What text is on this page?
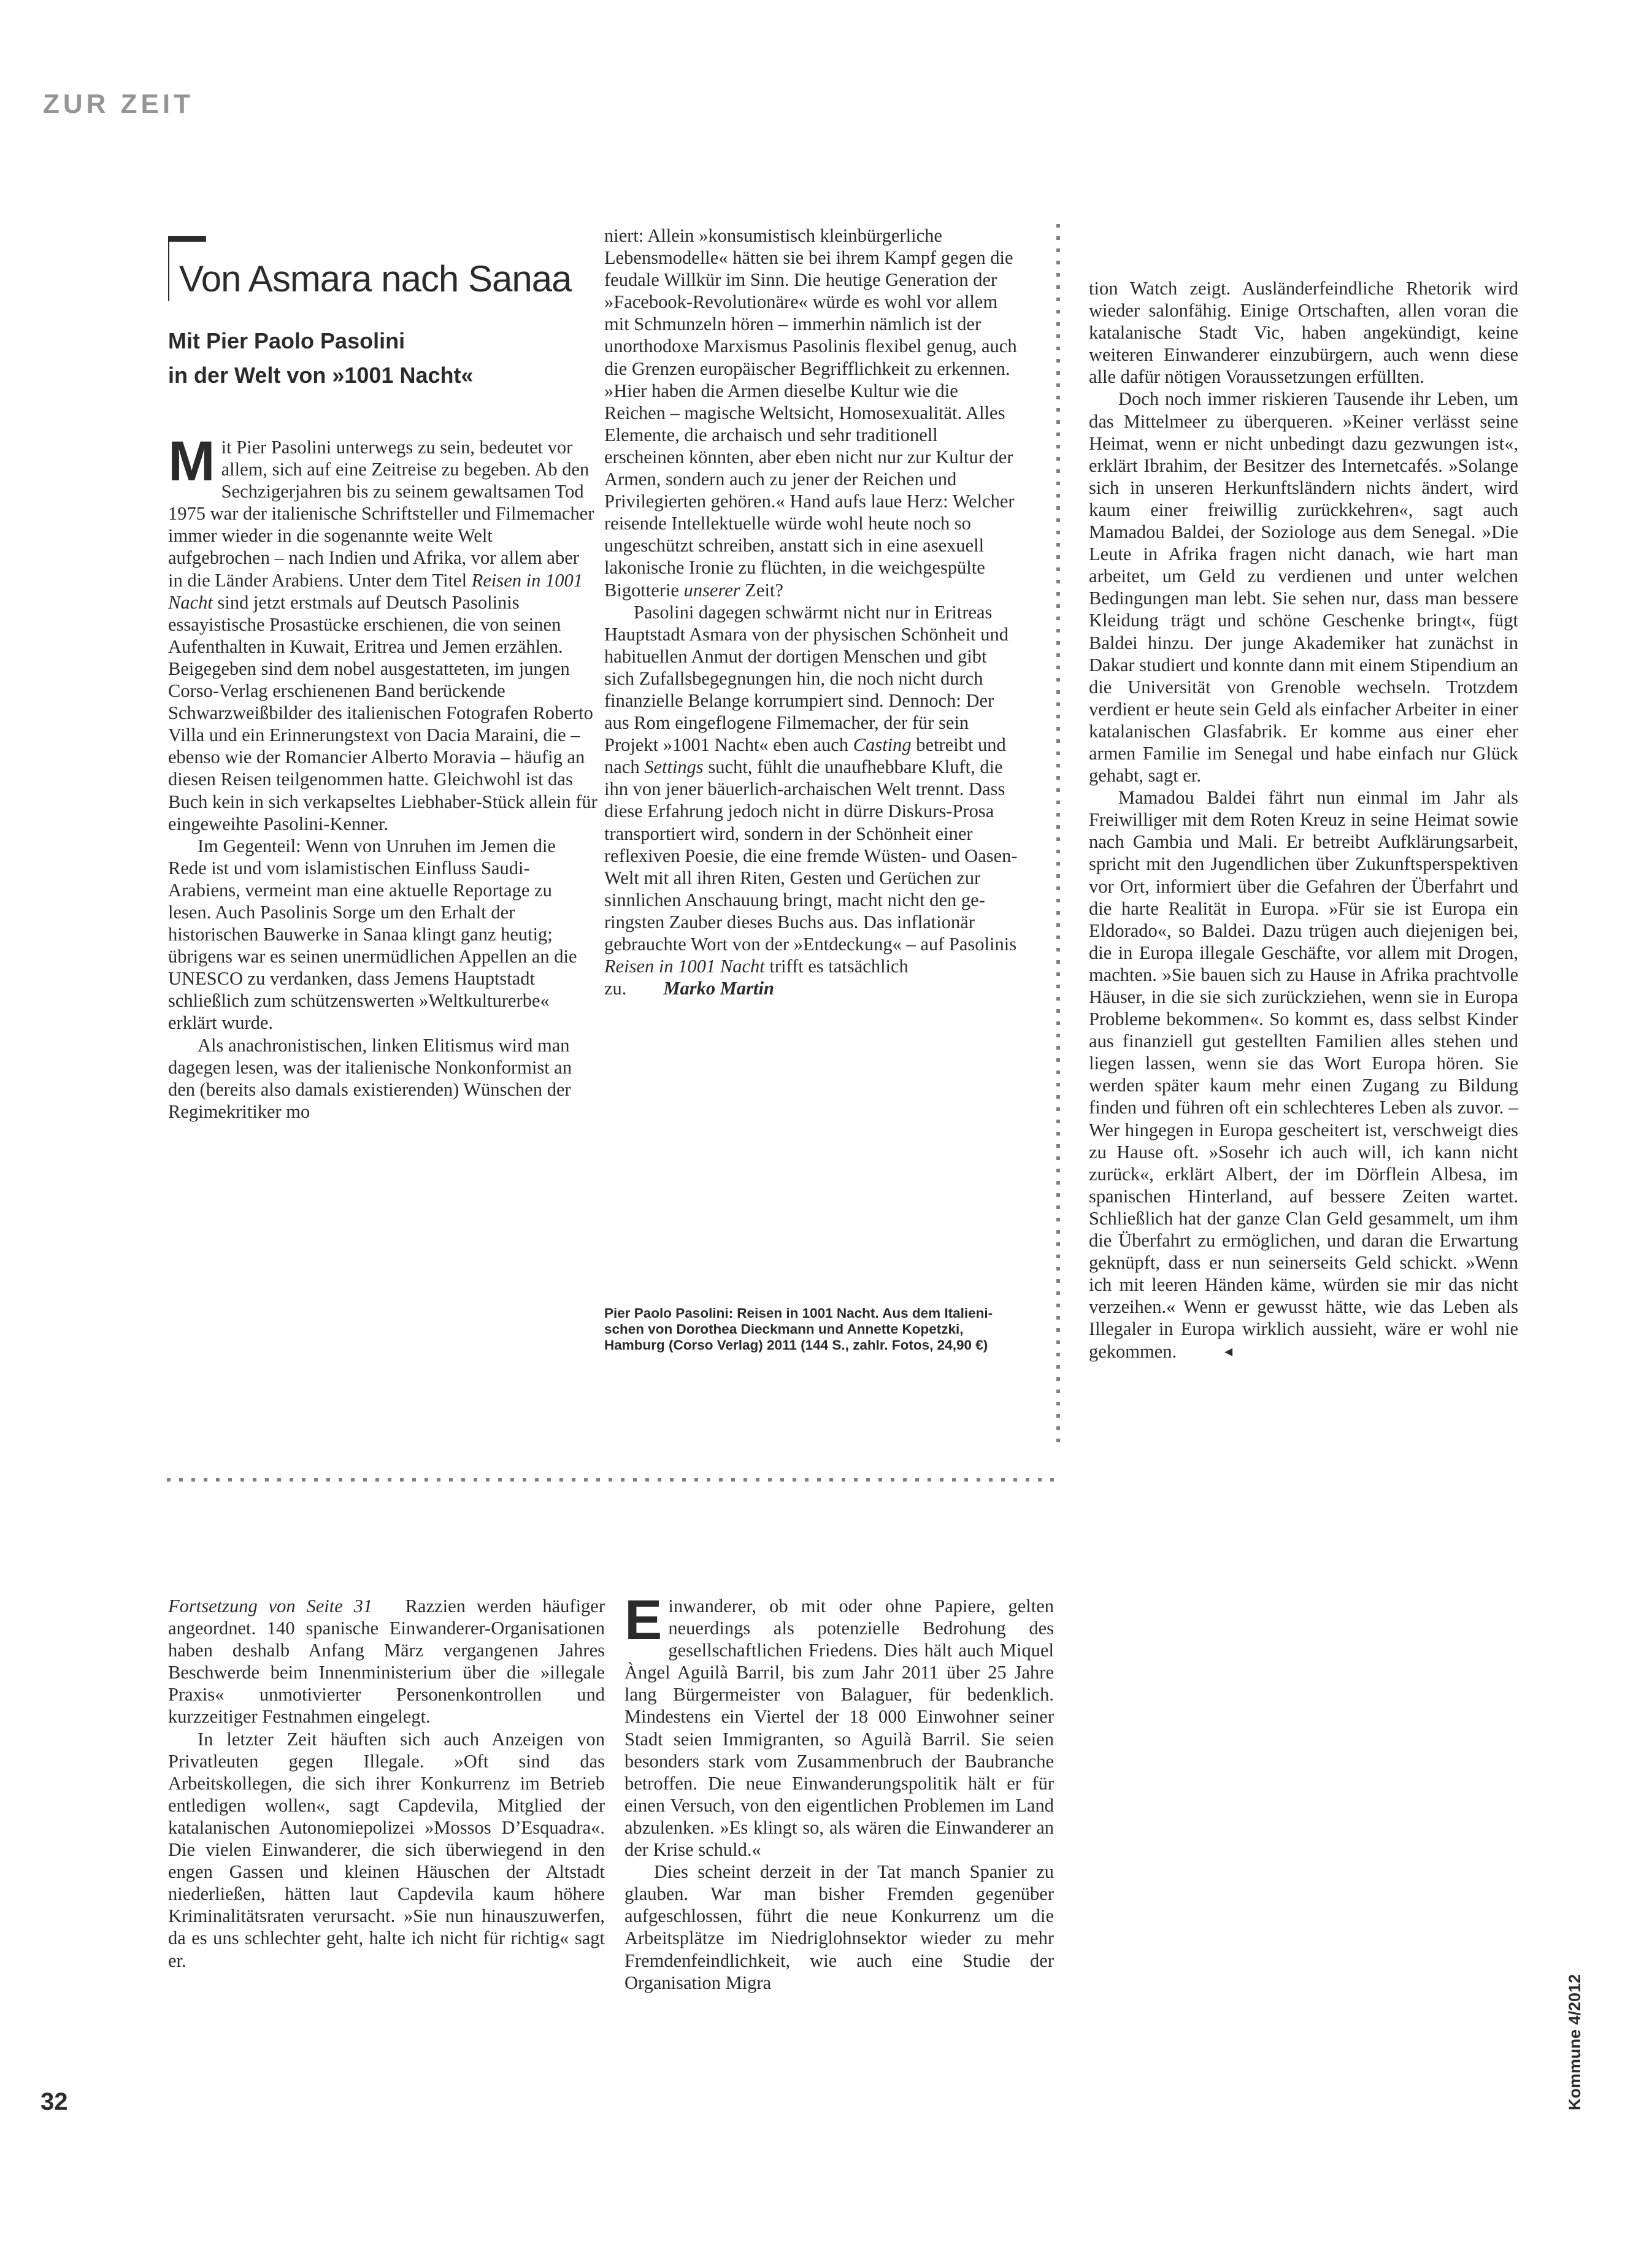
ZUR ZEIT
Von Asmara nach Sanaa
Mit Pier Paolo Pasolini
in der Welt von »1001 Nacht«

Mit Pier Pasolini unterwegs zu sein, bedeutet vor allem, sich auf eine Zeitreise zu begeben. Ab den Sechzigerjahren bis zu seinem gewaltsamen Tod 1975 war der italienische Schriftsteller und Filmemacher immer wieder in die sogenannte weite Welt aufgebrochen – nach Indien und Afrika, vor allem aber in die Länder Arabiens. Unter dem Titel Reisen in 1001 Nacht sind jetzt erstmals auf Deutsch Pasolinis essayistische Prosastücke erschienen, die von seinen Aufenthalten in Kuwait, Eritrea und Jemen erzählen. Beigegeben sind dem nobel ausgestatteten, im jungen Corso-Verlag erschienenen Band berückende Schwarzweißbilder des italienischen Fotografen Roberto Villa und ein Erinnerungstext von Dacia Maraini, die – ebenso wie der Romancier Alberto Moravia – häufig an diesen Reisen teilgenommen hatte. Gleichwohl ist das Buch kein in sich verkapseltes Liebhaber-Stück allein für eingeweihte Pasolini-Kenner.

Im Gegenteil: Wenn von Unruhen im Jemen die Rede ist und vom islamistischen Einfluss Saudi-Arabiens, vermeint man eine aktuelle Reportage zu lesen. Auch Pasolinis Sorge um den Erhalt der historischen Bauwerke in Sanaa klingt ganz heutig; übrigens war es seinen unermüdlichen Appellen an die UNESCO zu verdanken, dass Jemens Hauptstadt schließlich zum schützenswerten »Weltkulturerbe« erklärt wurde.

Als anachronistischen, linken Elitismus wird man dagegen lesen, was der italienische Nonkonformist an den (bereits also damals existierenden) Wünschen der Regimekritiker mo

niert: Allein »konsumistisch kleinbürgerliche Lebensmodelle« hätten sie bei ihrem Kampf gegen die feudale Willkür im Sinn. Die heutige Generation der »Facebook-Revolutionäre« würde es wohl vor allem mit Schmunzeln hören – immerhin nämlich ist der unorthodoxe Marxismus Pasolinis flexibel genug, auch die Grenzen europäischer Begrifflichkeit zu erkennen. »Hier haben die Armen dieselbe Kultur wie die Reichen – magische Weltsicht, Homosexualität. Alles Elemente, die archaisch und sehr traditionell erscheinen könnten, aber eben nicht nur zur Kultur der Armen, sondern auch zu jener der Reichen und Privilegierten gehören.« Hand aufs laue Herz: Welcher reisende Intellektuelle würde wohl heute noch so ungeschützt schreiben, anstatt sich in eine asexuell lakonische Ironie zu flüchten, in die weichgespülte Bigotterie unserer Zeit?

Pasolini dagegen schwärmt nicht nur in Eritreas Hauptstadt Asmara von der physischen Schönheit und habituellen Anmut der dortigen Menschen und gibt sich Zufallsbegegnungen hin, die noch nicht durch finanzielle Belange korrumpiert sind. Dennoch: Der aus Rom eingeflogene Filmemacher, der für sein Projekt »1001 Nacht« eben auch Casting betreibt und nach Settings sucht, fühlt die unaufhebbare Kluft, die ihn von jener bäuerlich-archaischen Welt trennt. Dass diese Erfahrung jedoch nicht in dürre Diskurs-Prosa transportiert wird, sondern in der Schönheit einer reflexiven Poesie, die eine fremde Wüsten- und Oasen-Welt mit all ihren Riten, Gesten und Gerüchen zur sinnlichen Anschauung bringt, macht nicht den geringsten Zauber dieses Buchs aus. Das inflationär gebrauchte Wort von der »Entdeckung« – auf Pasolinis Reisen in 1001 Nacht trifft es tatsächlich zu. Marko Martin

Pier Paolo Pasolini: Reisen in 1001 Nacht. Aus dem Italienischen von Dorothea Dieckmann und Annette Kopetzki, Hamburg (Corso Verlag) 2011 (144 S., zahlr. Fotos, 24,90 €)

tion Watch zeigt. Ausländerfeindliche Rhetorik wird wieder salonfähig. Einige Ortschaften, allen voran die katalanische Stadt Vic, haben angekündigt, keine weiteren Einwanderer einzubürgern, auch wenn diese alle dafür nötigen Voraussetzungen erfüllten.

Doch noch immer riskieren Tausende ihr Leben, um das Mittelmeer zu überqueren. »Keiner verlässt seine Heimat, wenn er nicht unbedingt dazu gezwungen ist«, erklärt Ibrahim, der Besitzer des Internetcafés. »Solange sich in unseren Herkunftsländern nichts ändert, wird kaum einer freiwillig zurückkehren«, sagt auch Mamadou Baldei, der Soziologe aus dem Senegal. »Die Leute in Afrika fragen nicht danach, wie hart man arbeitet, um Geld zu verdienen und unter welchen Bedingungen man lebt. Sie sehen nur, dass man bessere Kleidung trägt und schöne Geschenke bringt«, fügt Baldei hinzu. Der junge Akademiker hat zunächst in Dakar studiert und konnte dann mit einem Stipendium an die Universität von Grenoble wechseln. Trotzdem verdient er heute sein Geld als einfacher Arbeiter in einer katalanischen Glasfabrik. Er komme aus einer eher armen Familie im Senegal und habe einfach nur Glück gehabt, sagt er.

Mamadou Baldei fährt nun einmal im Jahr als Freiwilliger mit dem Roten Kreuz in seine Heimat sowie nach Gambia und Mali. Er betreibt Aufklärungsarbeit, spricht mit den Jugendlichen über Zukunftsperspektiven vor Ort, informiert über die Gefahren der Überfahrt und die harte Realität in Europa. »Für sie ist Europa ein Eldorado«, so Baldei. Dazu trügen auch diejenigen bei, die in Europa illegale Geschäfte, vor allem mit Drogen, machten. »Sie bauen sich zu Hause in Afrika prachtvolle Häuser, in die sie sich zurückziehen, wenn sie in Europa Probleme bekommen«. So kommt es, dass selbst Kinder aus finanziell gut gestellten Familien alles stehen und liegen lassen, wenn sie das Wort Europa hören. Sie werden später kaum mehr einen Zugang zu Bildung finden und führen oft ein schlechteres Leben als zuvor. – Wer hingegen in Europa gescheitert ist, verschweigt dies zu Hause oft. »Sosehr ich auch will, ich kann nicht zurück«, erklärt Albert, der im Dörflein Albesa, im spanischen Hinterland, auf bessere Zeiten wartet. Schließlich hat der ganze Clan Geld gesammelt, um ihm die Überfahrt zu ermöglichen, und daran die Erwartung geknüpft, dass er nun seinerseits Geld schickt. »Wenn ich mit leeren Händen käme, würden sie mir das nicht verzeihen.« Wenn er gewusst hätte, wie das Leben als Illegaler in Europa wirklich aussieht, wäre er wohl nie gekommen.	◂

Fortsetzung von Seite 31 Razzien werden häufiger angeordnet. 140 spanische Einwanderer-Organisationen haben deshalb Anfang März vergangenen Jahres Beschwerde beim Innenministerium über die »illegale Praxis« unmotivierter Personenkontrollen und kurzzeitiger Festnahmen eingelegt.

In letzter Zeit häuften sich auch Anzeigen von Privatleuten gegen Illegale. »Oft sind das Arbeitskollegen, die sich ihrer Konkurrenz im Betrieb entledigen wollen«, sagt Capdevila, Mitglied der katalanischen Autonomiepolizei »Mossos D’Esquadra«. Die vielen Einwanderer, die sich überwiegend in den engen Gassen und kleinen Häuschen der Altstadt niederließen, hätten laut Capdevila kaum höhere Kriminalitätsraten verursacht. »Sie nun hinauszuwerfen, da es uns schlechter geht, halte ich nicht für richtig« sagt er.

Einwanderer, ob mit oder ohne Papiere, gelten neuerdings als potenzielle Bedrohung des gesellschaftlichen Friedens. Dies hält auch Miquel Àngel Aguilà Barril, bis zum Jahr 2011 über 25 Jahre lang Bürgermeister von Balaguer, für bedenklich. Mindestens ein Viertel der 18 000 Einwohner seiner Stadt seien Immigranten, so Aguilà Barril. Sie seien besonders stark vom Zusammenbruch der Baubranche betroffen. Die neue Einwanderungspolitik hält er für einen Versuch, von den eigentlichen Problemen im Land abzulenken. »Es klingt so, als wären die Einwanderer an der Krise schuld.«

Dies scheint derzeit in der Tat manch Spanier zu glauben. War man bisher Fremden gegenüber aufgeschlossen, führt die neue Konkurrenz um die Arbeitsplätze im Niedriglohnsektor wieder zu mehr Fremdenfeindlichkeit, wie auch eine Studie der Organisation Migra

32	Kommune 4/2012
